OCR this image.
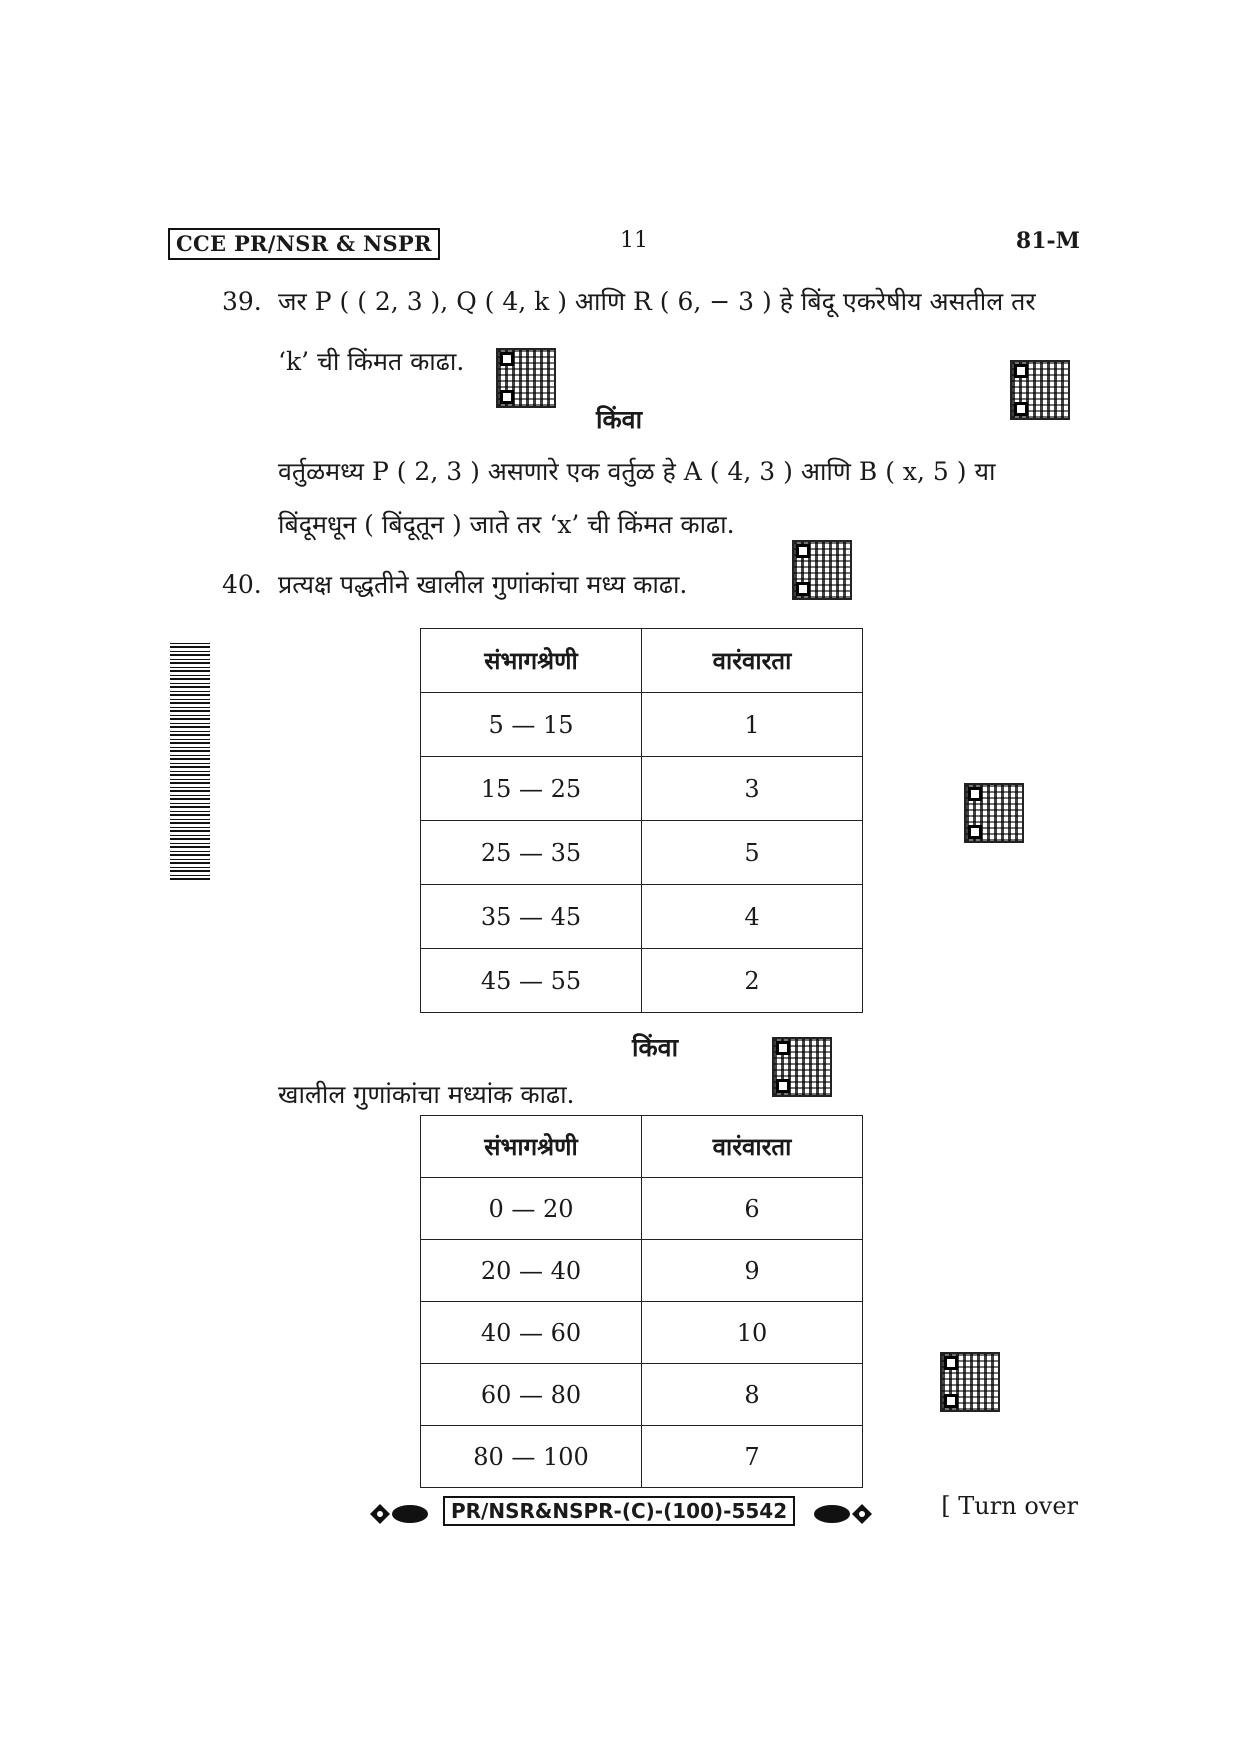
CCE PR/NSR & NSPR	11	81-M
39. जर P ( ( 2, 3 ), Q ( 4, k ) आणि R ( 6, − 3 ) हे बिंदू एकरेषीय असतील तर
‘k’ ची किंमत काढा.
किंवा
वर्तुळमध्य P ( 2, 3 ) असणारे एक वर्तुळ हे A ( 4, 3 ) आणि B ( x, 5 ) या
बिंदूमधून ( बिंदूतून ) जाते तर ‘x’ ची किंमत काढा.
40. प्रत्यक्ष पद्धतीने खालील गुणांकांचा मध्य काढा.
संभागश्रेणी	वारंवारता
5 — 15	1
15 — 25	3
25 — 35	5
35 — 45	4
45 — 55	2
किंवा
खालील गुणांकांचा मध्यांक काढा.
संभागश्रेणी	वारंवारता
0 — 20	6
20 — 40	9
40 — 60	10
60 — 80	8
80 — 100	7
PR/NSR&NSPR-(C)-(100)-5542	[ Turn over
